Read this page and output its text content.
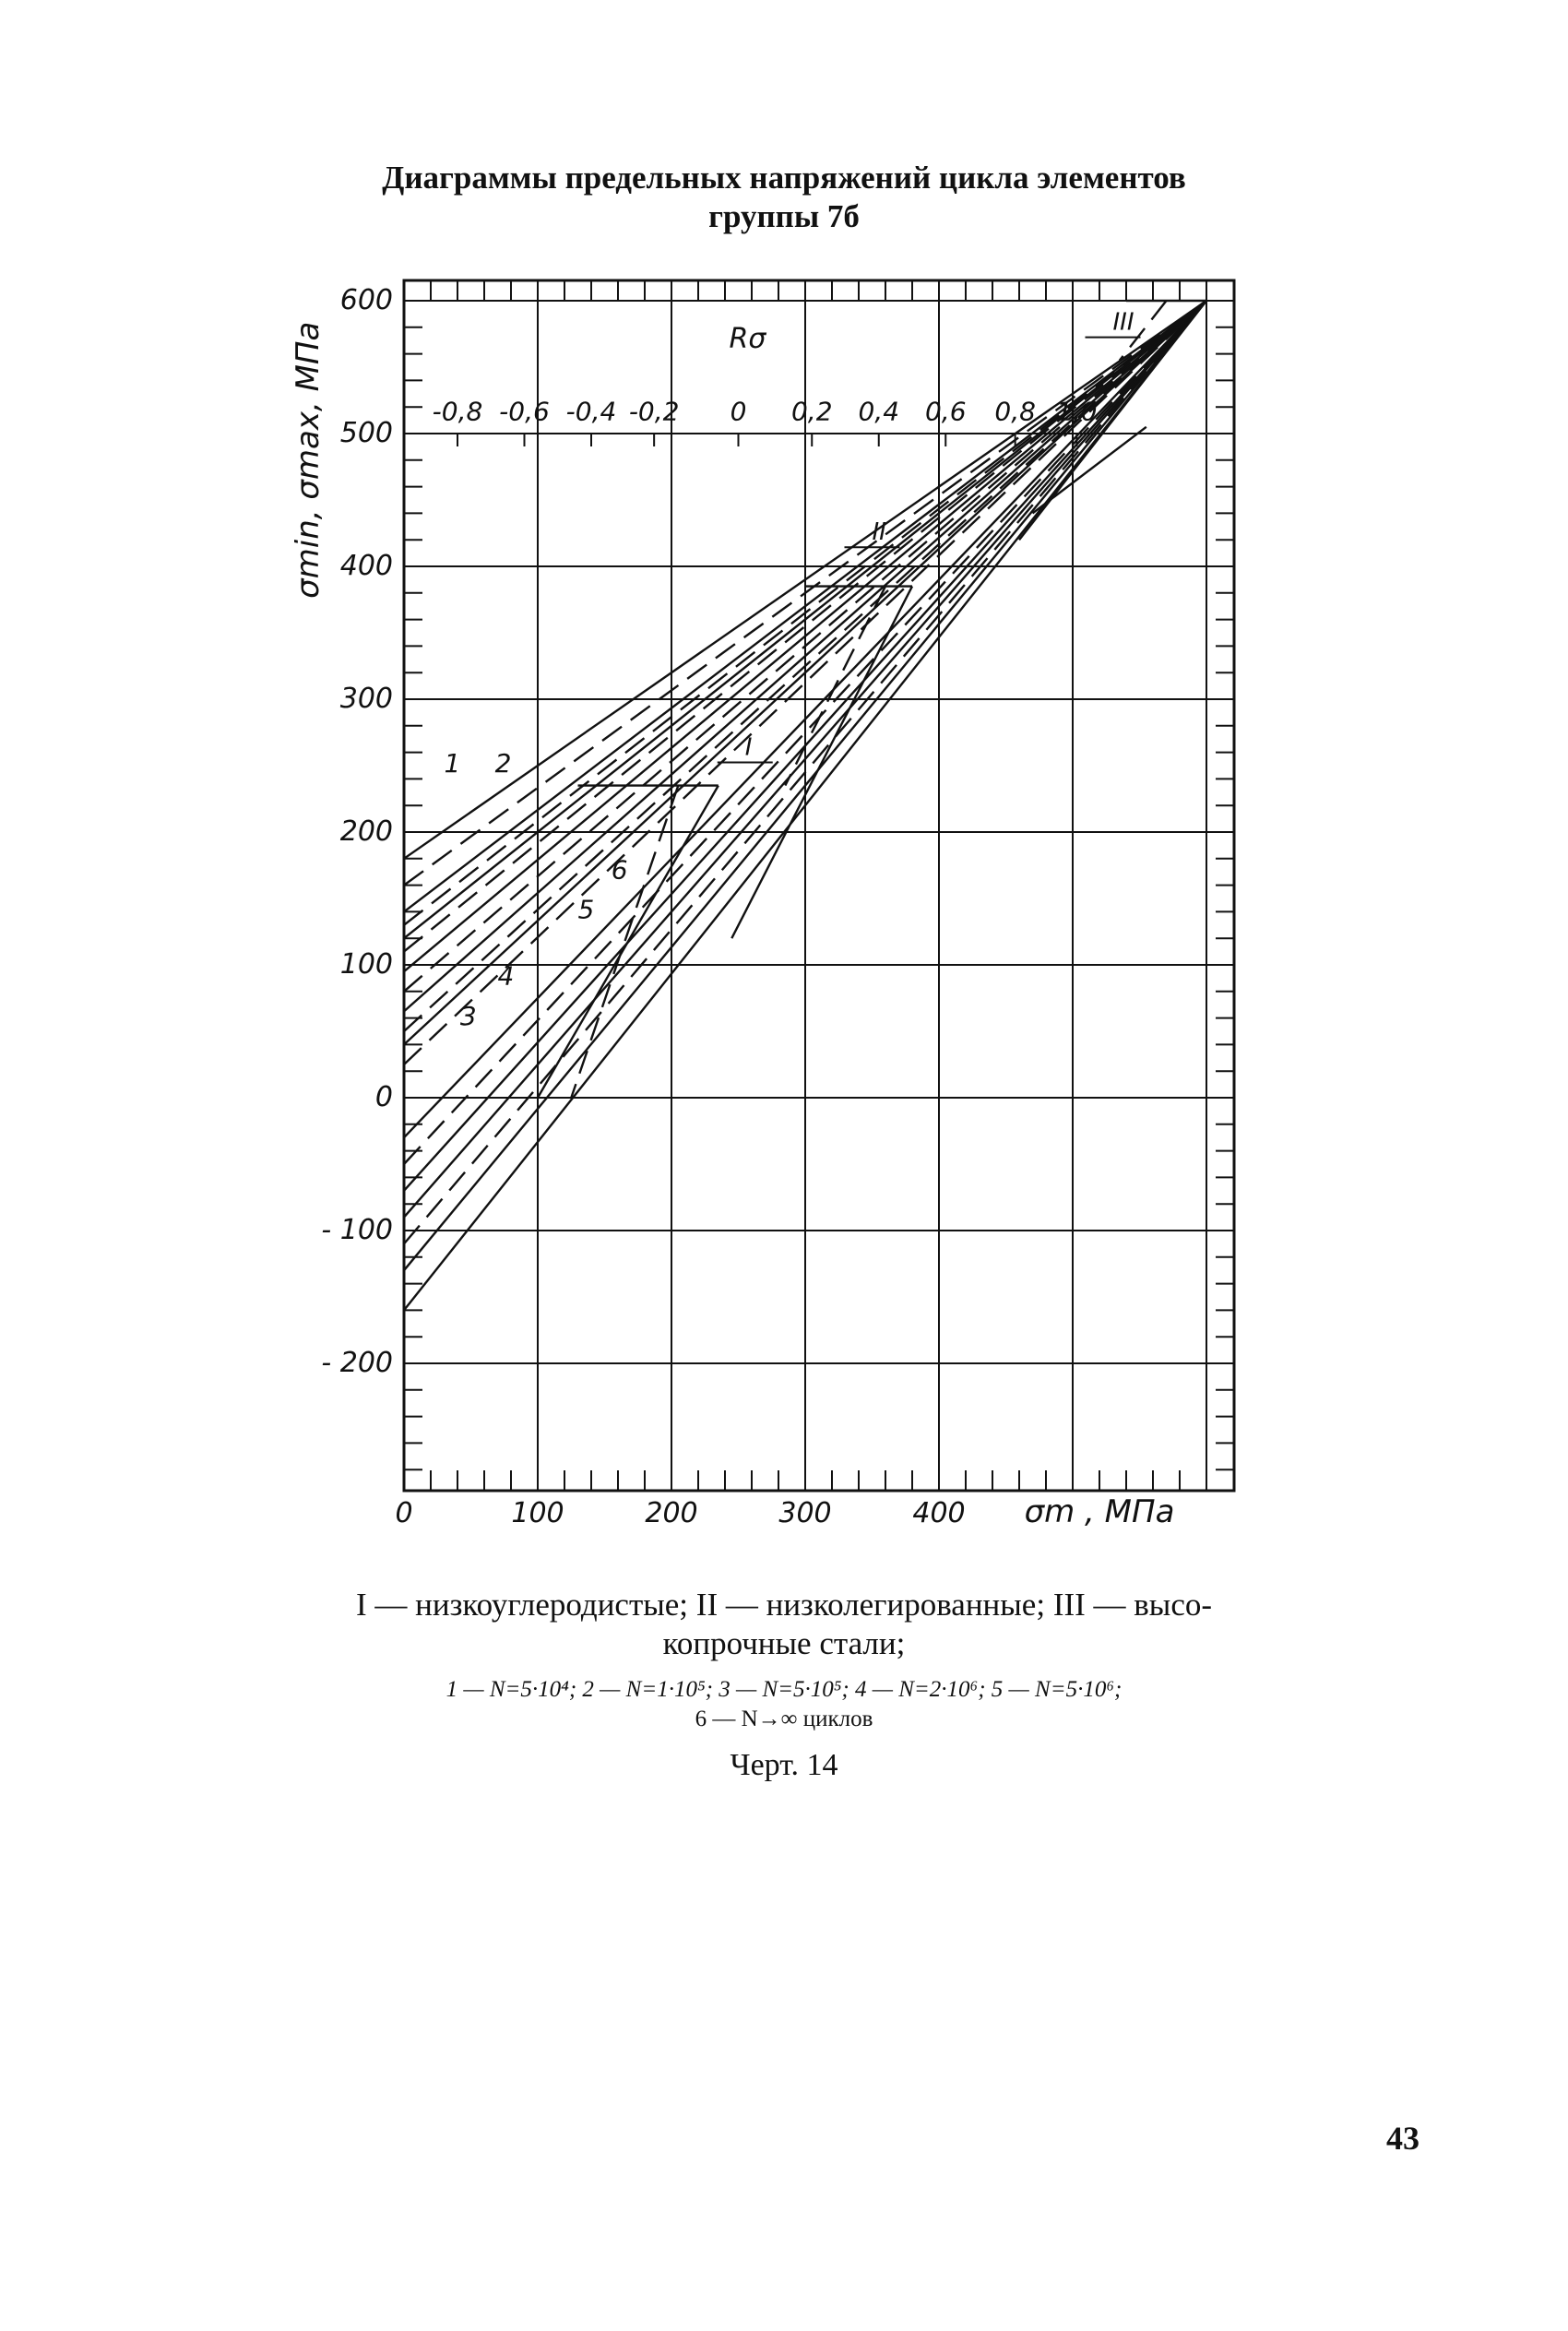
Диаграммы предельных напряжений цикла элементов
группы 7б
600
500
400
300
200
100
0
- 100
- 200
0	100	200	300	400 σm , МПа
σmin, σmax, МПа	Rσ
-0,8 -0,6 -0,4 -0,2 0 0,2 0,4 0,6 0,8 1,0
I
II
III
1 2
3
4
5
6
I — низкоуглеродистые; II — низколегированные; III — высо-
копрочные стали;
1 — N=5·10⁴; 2 — N=1·10⁵; 3 — N=5·10⁵; 4 — N=2·10⁶; 5 — N=5·10⁶;
6 — N→∞ циклов
Черт. 14
43
